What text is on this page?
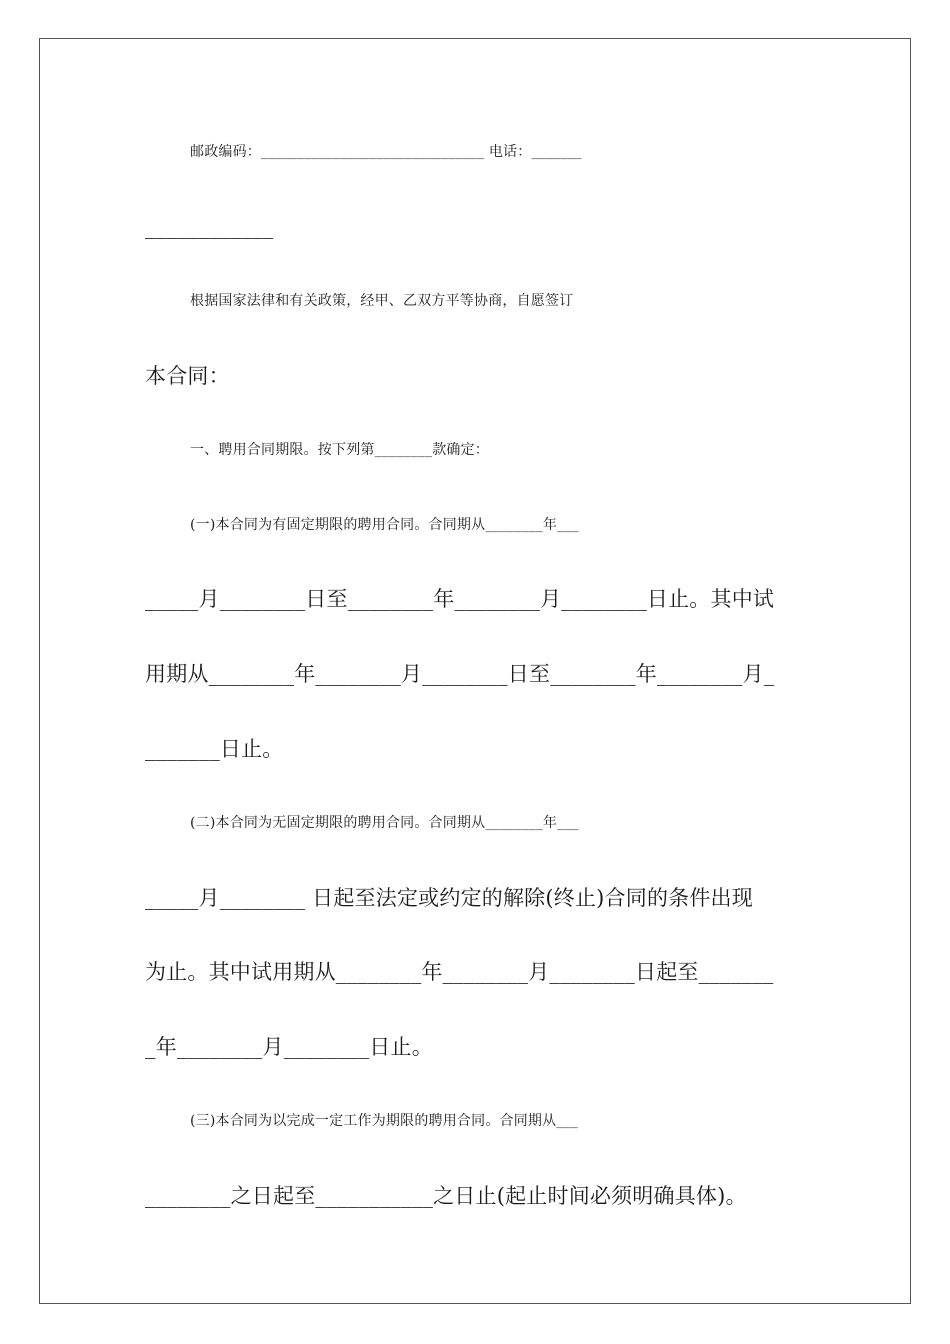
邮政编码：_______________________________ 电话：_______
____________
根据国家法律和有关政策，经甲、乙双方平等协商，自愿签订
本合同：
一、聘用合同期限。按下列第________款确定：
(一)本合同为有固定期限的聘用合同。合同期从________年___
_____月________日至________年________月________日止。其中试
用期从________年________月________日至________年________月_
_______日止。
(二)本合同为无固定期限的聘用合同。合同期从________年___
_____月________ 日起至法定或约定的解除(终止)合同的条件出现
为止。其中试用期从________年________月________日起至_______
_年________月________日止。
(三)本合同为以完成一定工作为期限的聘用合同。合同期从___
________之日起至___________之日止(起止时间必须明确具体)。
